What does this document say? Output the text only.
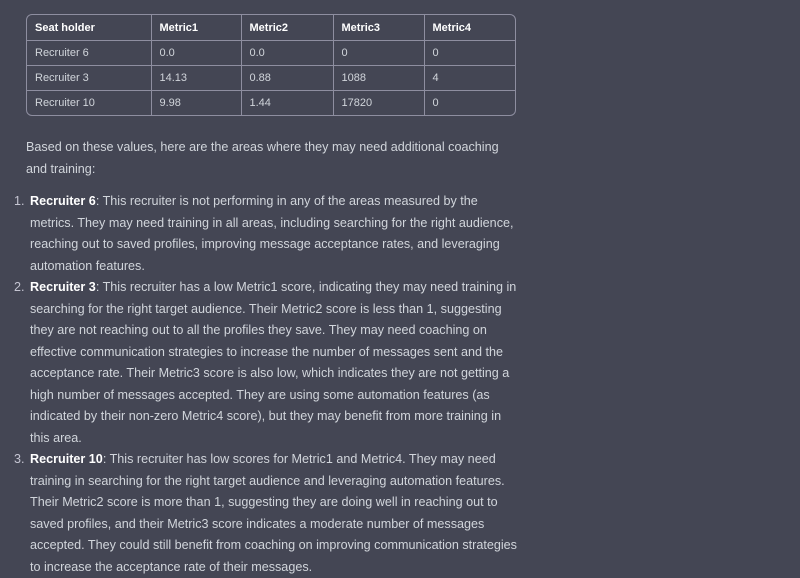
Seat holder	Metric1	Metric2	Metric3	Metric4
Recruiter 6	0.0	0.0	0	0
Recruiter 3	14.13	0.88	1088	4
Recruiter 10	9.98	1.44	17820	0

Based on these values, here are the areas where they may need additional coaching and training:

1. Recruiter 6: This recruiter is not performing in any of the areas measured by the metrics. They may need training in all areas, including searching for the right audience, reaching out to saved profiles, improving message acceptance rates, and leveraging automation features.
2. Recruiter 3: This recruiter has a low Metric1 score, indicating they may need training in searching for the right target audience. Their Metric2 score is less than 1, suggesting they are not reaching out to all the profiles they save. They may need coaching on effective communication strategies to increase the number of messages sent and the acceptance rate. Their Metric3 score is also low, which indicates they are not getting a high number of messages accepted. They are using some automation features (as indicated by their non-zero Metric4 score), but they may benefit from more training in this area.
3. Recruiter 10: This recruiter has low scores for Metric1 and Metric4. They may need training in searching for the right target audience and leveraging automation features. Their Metric2 score is more than 1, suggesting they are doing well in reaching out to saved profiles, and their Metric3 score indicates a moderate number of messages accepted. They could still benefit from coaching on improving communication strategies to increase the acceptance rate of their messages.
